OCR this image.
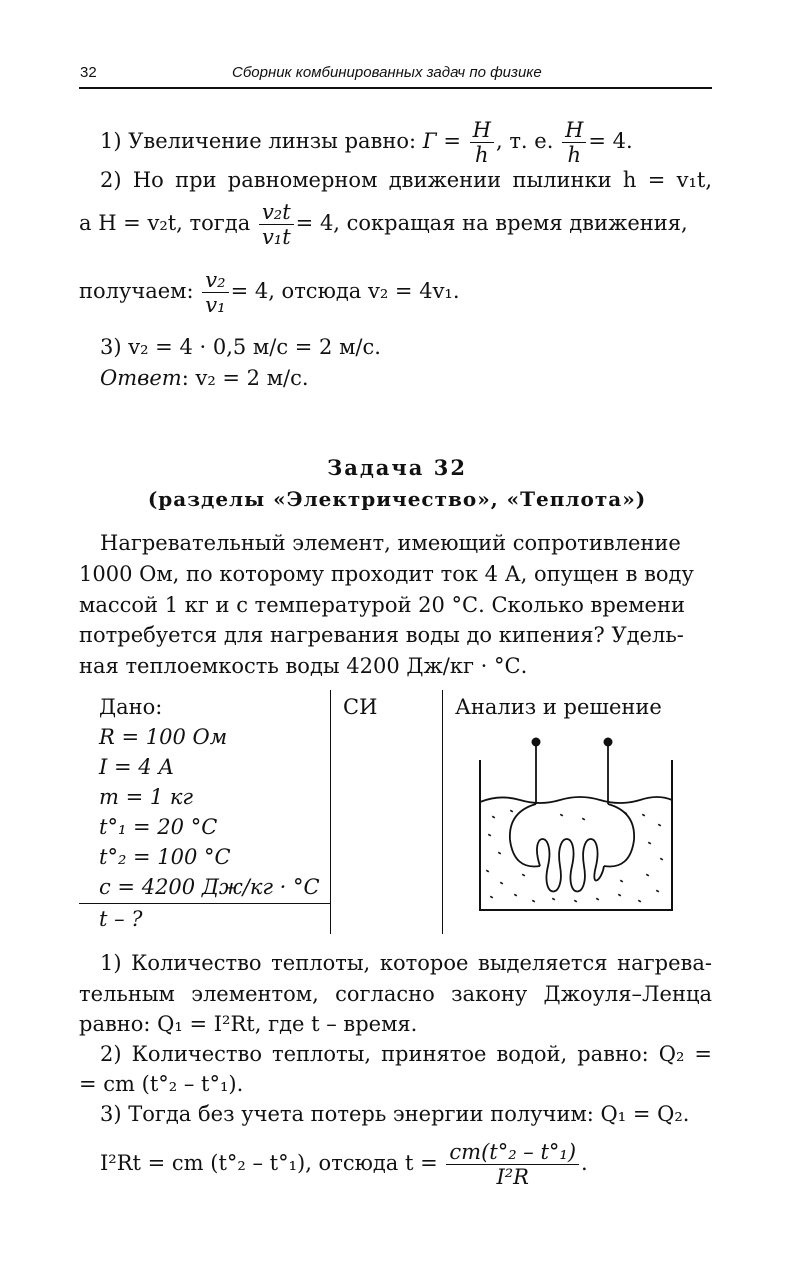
32	Сборник комбинированных задач по физике
1) Увеличение линзы равно: $Г = \frac{H}{h}$ , т. е. $\frac{H}{h} = 4$.
2) Но при равномерном движении пылинки h = v₁t,
а H = v₂t, тогда $\frac{\text{v₂t}}{\text{v₁t}} = 4$, сокращая на время движения,
получаем: $\frac{\text{v₂}}{\text{v₁}} = 4$, отсюда v₂ = 4v₁.
3) v₂ = 4 · 0,5 м/с = 2 м/с.
Ответ: v₂ = 2 м/с.
Задача 32
(разделы «Электричество», «Теплота»)
Нагревательный элемент, имеющий сопротивление
1000 Ом, по которому проходит ток 4 А, опущен в воду
массой 1 кг и с температурой 20 °С. Сколько времени
потребуется для нагревания воды до кипения? Удель-
ная теплоемкость воды 4200 Дж/кг · °С.
Дано:
R = 100 Ом
I = 4 А
m = 1 кг
t°₁ = 20 °С
t°₂ = 100 °С
c = 4200 Дж/кг · °С
t – ?
СИ	Анализ и решение
1) Количество теплоты, которое выделяется нагрева-
тельным элементом, согласно закону Джоуля–Ленца
равно: Q₁ = I²Rt, где t – время.
2) Количество теплоты, принятое водой, равно: Q₂ =
= cm (t°₂ – t°₁).
3) Тогда без учета потерь энергии получим: Q₁ = Q₂.
I²Rt = cm (t°₂ – t°₁), отсюда $t = \frac{\text{cm(t°₂ – t°₁)}}{\text{I²R}}$ .
